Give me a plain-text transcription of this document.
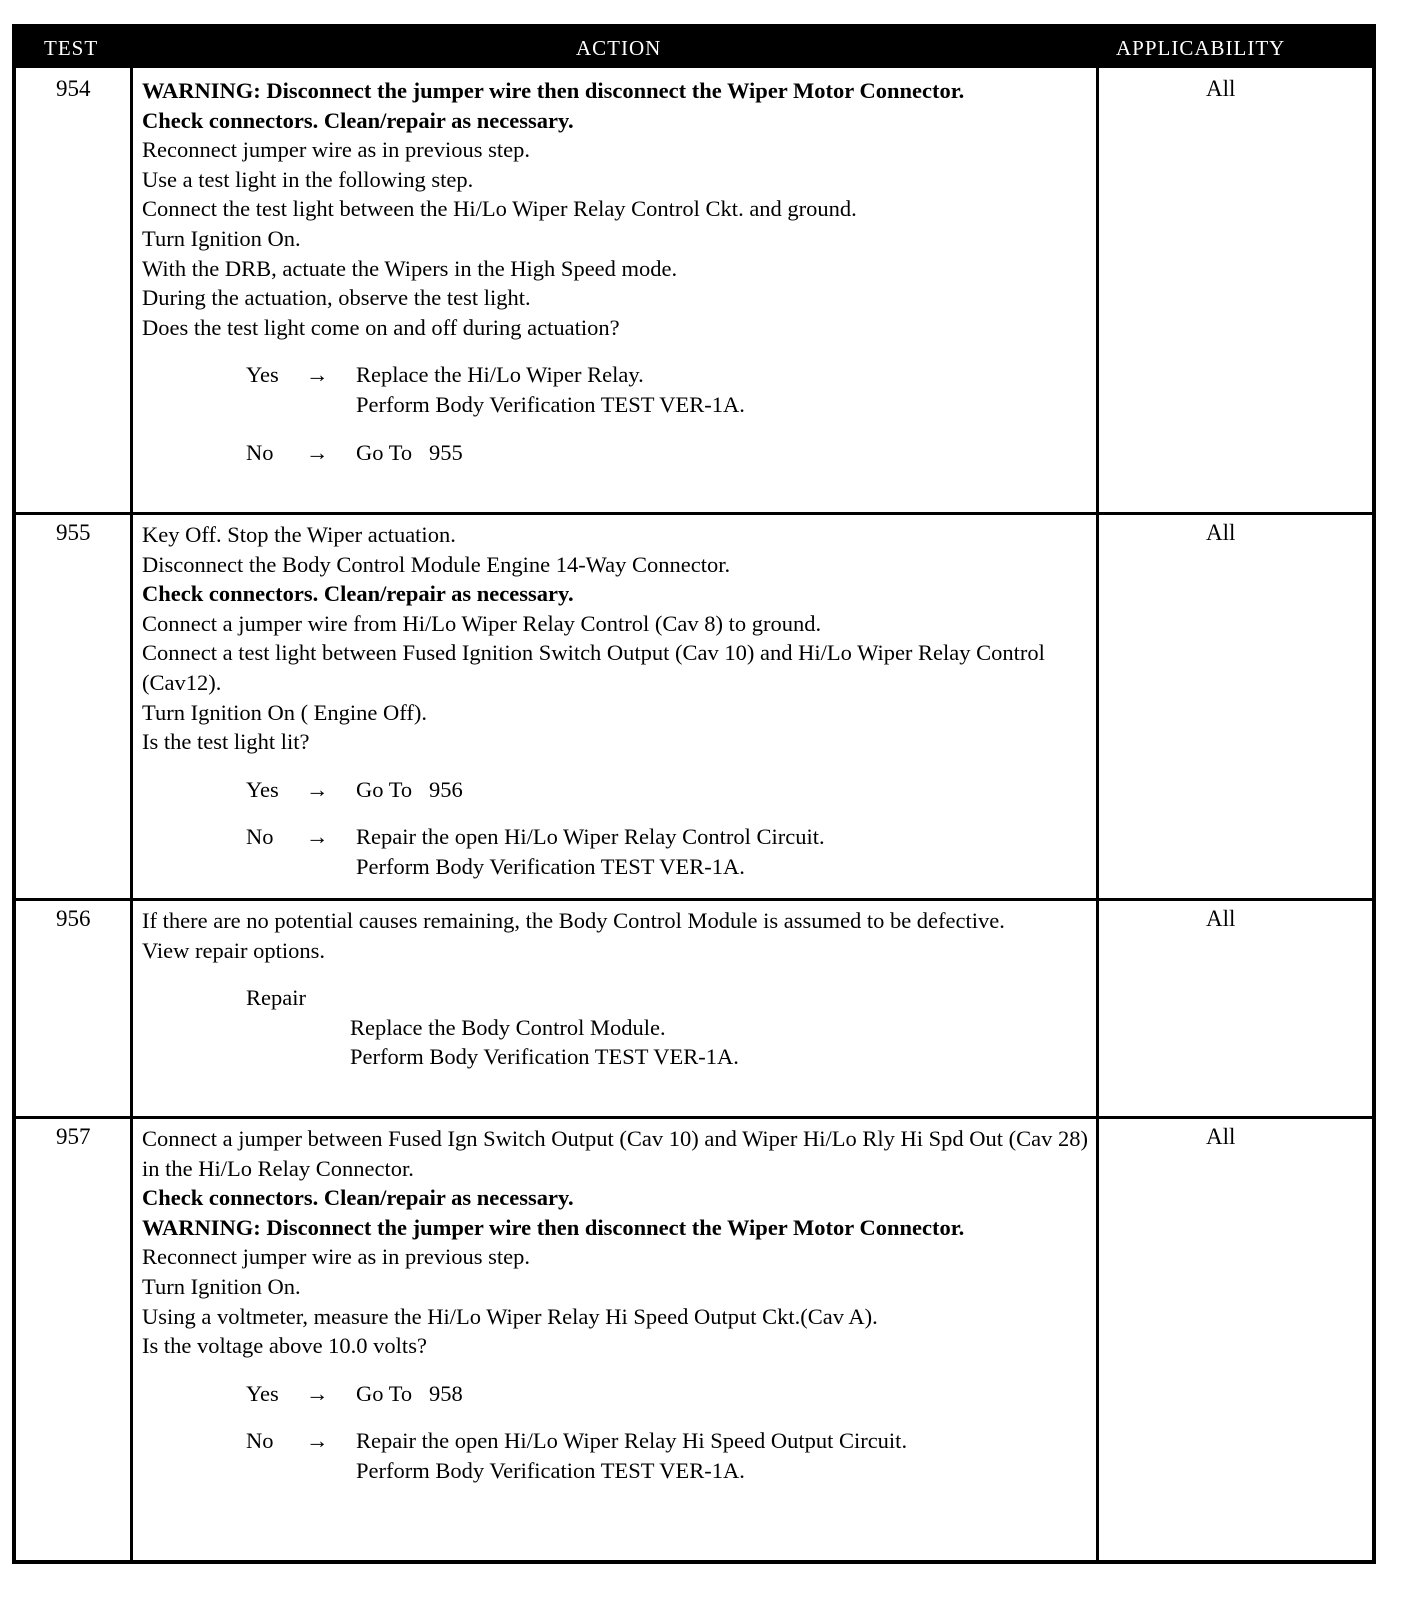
TEST	ACTION	APPLICABILITY
954 WARNING: Disconnect the jumper wire then disconnect the Wiper Motor Connector.
Check connectors. Clean/repair as necessary.
Reconnect jumper wire as in previous step.
Use a test light in the following step.
Connect the test light between the Hi/Lo Wiper Relay Control Ckt. and ground.
Turn Ignition On.
With the DRB, actuate the Wipers in the High Speed mode.
During the actuation, observe the test light.
Does the test light come on and off during actuation?
Yes → Replace the Hi/Lo Wiper Relay.
Perform Body Verification TEST VER-1A.
No → Go To   955
All
955 Key Off. Stop the Wiper actuation.
Disconnect the Body Control Module Engine 14-Way Connector.
Check connectors. Clean/repair as necessary.
Connect a jumper wire from Hi/Lo Wiper Relay Control (Cav 8) to ground.
Connect a test light between Fused Ignition Switch Output (Cav 10) and Hi/Lo Wiper Relay Control (Cav12).
Turn Ignition On ( Engine Off).
Is the test light lit?
Yes → Go To   956
No → Repair the open Hi/Lo Wiper Relay Control Circuit.
Perform Body Verification TEST VER-1A.
All
956 If there are no potential causes remaining, the Body Control Module is assumed to be defective.
View repair options.
Repair
Replace the Body Control Module.
Perform Body Verification TEST VER-1A.
All
957 Connect a jumper between Fused Ign Switch Output (Cav 10) and Wiper Hi/Lo Rly Hi Spd Out (Cav 28) in the Hi/Lo Relay Connector.
Check connectors. Clean/repair as necessary.
WARNING: Disconnect the jumper wire then disconnect the Wiper Motor Connector.
Reconnect jumper wire as in previous step.
Turn Ignition On.
Using a voltmeter, measure the Hi/Lo Wiper Relay Hi Speed Output Ckt.(Cav A).
Is the voltage above 10.0 volts?
Yes → Go To   958
No → Repair the open Hi/Lo Wiper Relay Hi Speed Output Circuit.
Perform Body Verification TEST VER-1A.
All
